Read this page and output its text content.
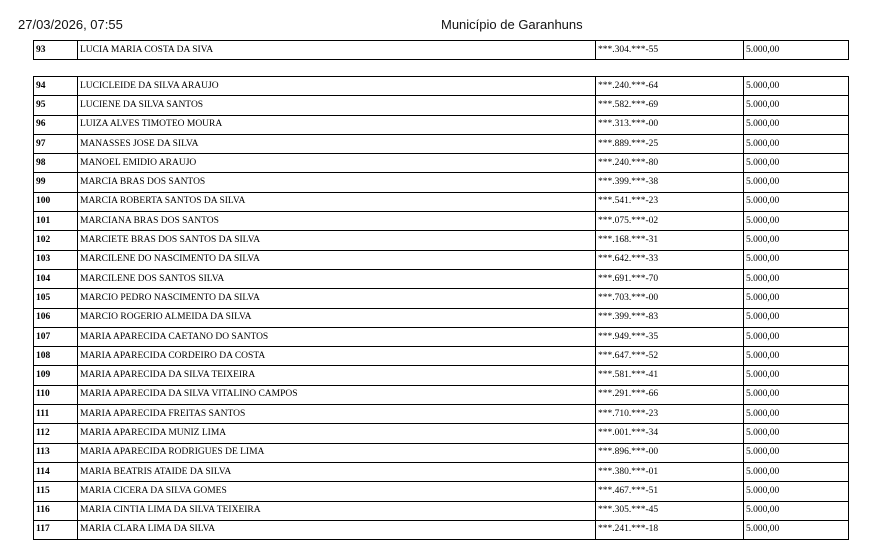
27/03/2026, 07:55	Município de Garanhuns
93	LUCIA MARIA COSTA DA SIVA	***.304.***-55	5.000,00
94	LUCICLEIDE DA SILVA ARAUJO	***.240.***-64	5.000,00
95	LUCIENE DA SILVA SANTOS	***.582.***-69	5.000,00
96	LUIZA ALVES TIMOTEO MOURA	***.313.***-00	5.000,00
97	MANASSES JOSE DA SILVA	***.889.***-25	5.000,00
98	MANOEL EMIDIO ARAUJO	***.240.***-80	5.000,00
99	MARCIA BRAS DOS SANTOS	***.399.***-38	5.000,00
100	MARCIA ROBERTA SANTOS DA SILVA	***.541.***-23	5.000,00
101	MARCIANA BRAS DOS SANTOS	***.075.***-02	5.000,00
102	MARCIETE BRAS DOS SANTOS DA SILVA	***.168.***-31	5.000,00
103	MARCILENE DO NASCIMENTO DA SILVA	***.642.***-33	5.000,00
104	MARCILENE DOS SANTOS SILVA	***.691.***-70	5.000,00
105	MARCIO PEDRO NASCIMENTO DA SILVA	***.703.***-00	5.000,00
106	MARCIO ROGERIO ALMEIDA DA SILVA	***.399.***-83	5.000,00
107	MARIA APARECIDA CAETANO DO SANTOS	***.949.***-35	5.000,00
108	MARIA APARECIDA CORDEIRO DA COSTA	***.647.***-52	5.000,00
109	MARIA APARECIDA DA SILVA TEIXEIRA	***.581.***-41	5.000,00
110	MARIA APARECIDA DA SILVA VITALINO CAMPOS	***.291.***-66	5.000,00
111	MARIA APARECIDA FREITAS SANTOS	***.710.***-23	5.000,00
112	MARIA APARECIDA MUNIZ LIMA	***.001.***-34	5.000,00
113	MARIA APARECIDA RODRIGUES DE LIMA	***.896.***-00	5.000,00
114	MARIA BEATRIS ATAIDE DA SILVA	***.380.***-01	5.000,00
115	MARIA CICERA DA SILVA GOMES	***.467.***-51	5.000,00
116	MARIA CINTIA LIMA DA SILVA TEIXEIRA	***.305.***-45	5.000,00
117	MARIA CLARA LIMA DA SILVA	***.241.***-18	5.000,00
